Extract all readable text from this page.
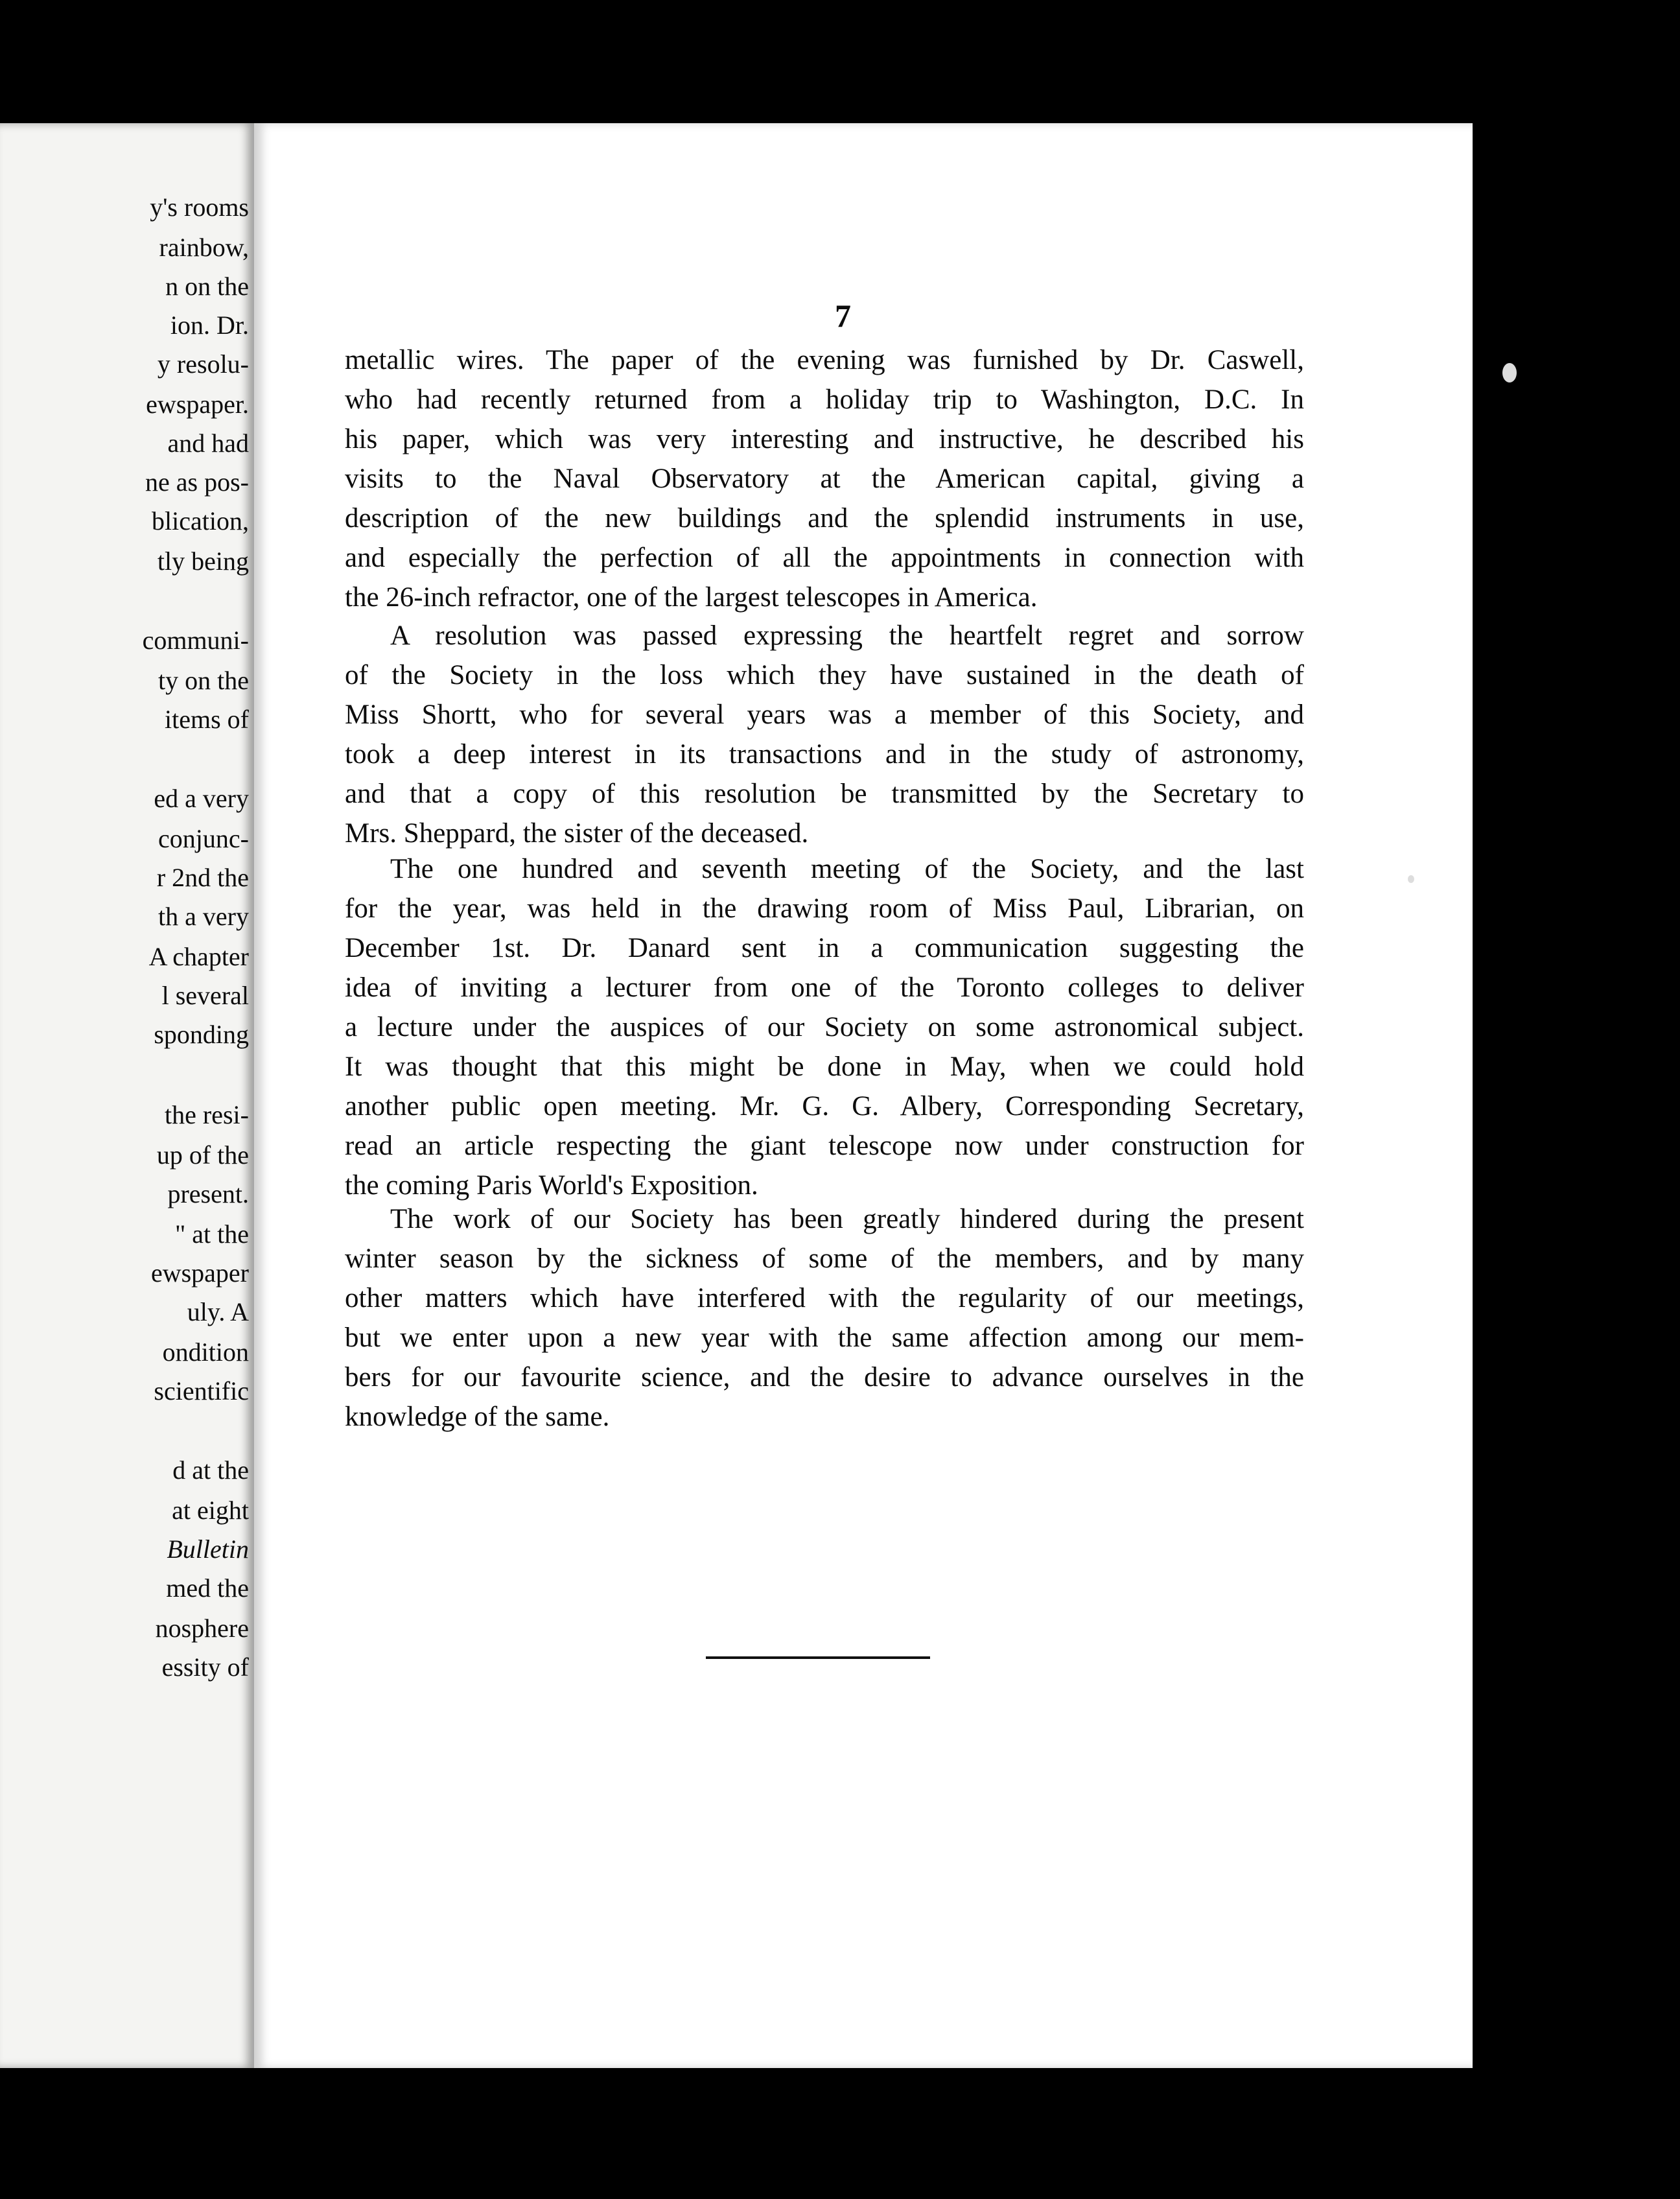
y's rooms
rainbow,
n on the
ion. Dr.
y resolu-
ewspaper.
and had
ne as pos-
blication,
tly being
communi-
ty on the
items of
ed a very
conjunc-
r 2nd the
th a very
A chapter
l several
sponding
the resi-
up of the
present.
" at the
ewspaper
uly. A
ondition
scientific
d at the
at eight
Bulletin
med the
nosphere
essity of
7
metallic wires. The paper of the evening was furnished by Dr. Caswell,
who had recently returned from a holiday trip to Washington, D.C. In
his paper, which was very interesting and instructive, he described his
visits to the Naval Observatory at the American capital, giving a
description of the new buildings and the splendid instruments in use,
and especially the perfection of all the appointments in connection with
the 26-inch refractor, one of the largest telescopes in America.
A resolution was passed expressing the heartfelt regret and sorrow
of the Society in the loss which they have sustained in the death of
Miss Shortt, who for several years was a member of this Society, and
took a deep interest in its transactions and in the study of astronomy,
and that a copy of this resolution be transmitted by the Secretary to
Mrs. Sheppard, the sister of the deceased.
The one hundred and seventh meeting of the Society, and the last
for the year, was held in the drawing room of Miss Paul, Librarian, on
December 1st. Dr. Danard sent in a communication suggesting the
idea of inviting a lecturer from one of the Toronto colleges to deliver
a lecture under the auspices of our Society on some astronomical subject.
It was thought that this might be done in May, when we could hold
another public open meeting. Mr. G. G. Albery, Corresponding Secretary,
read an article respecting the giant telescope now under construction for
the coming Paris World's Exposition.
The work of our Society has been greatly hindered during the present
winter season by the sickness of some of the members, and by many
other matters which have interfered with the regularity of our meetings,
but we enter upon a new year with the same affection among our mem-
bers for our favourite science, and the desire to advance ourselves in the
knowledge of the same.
